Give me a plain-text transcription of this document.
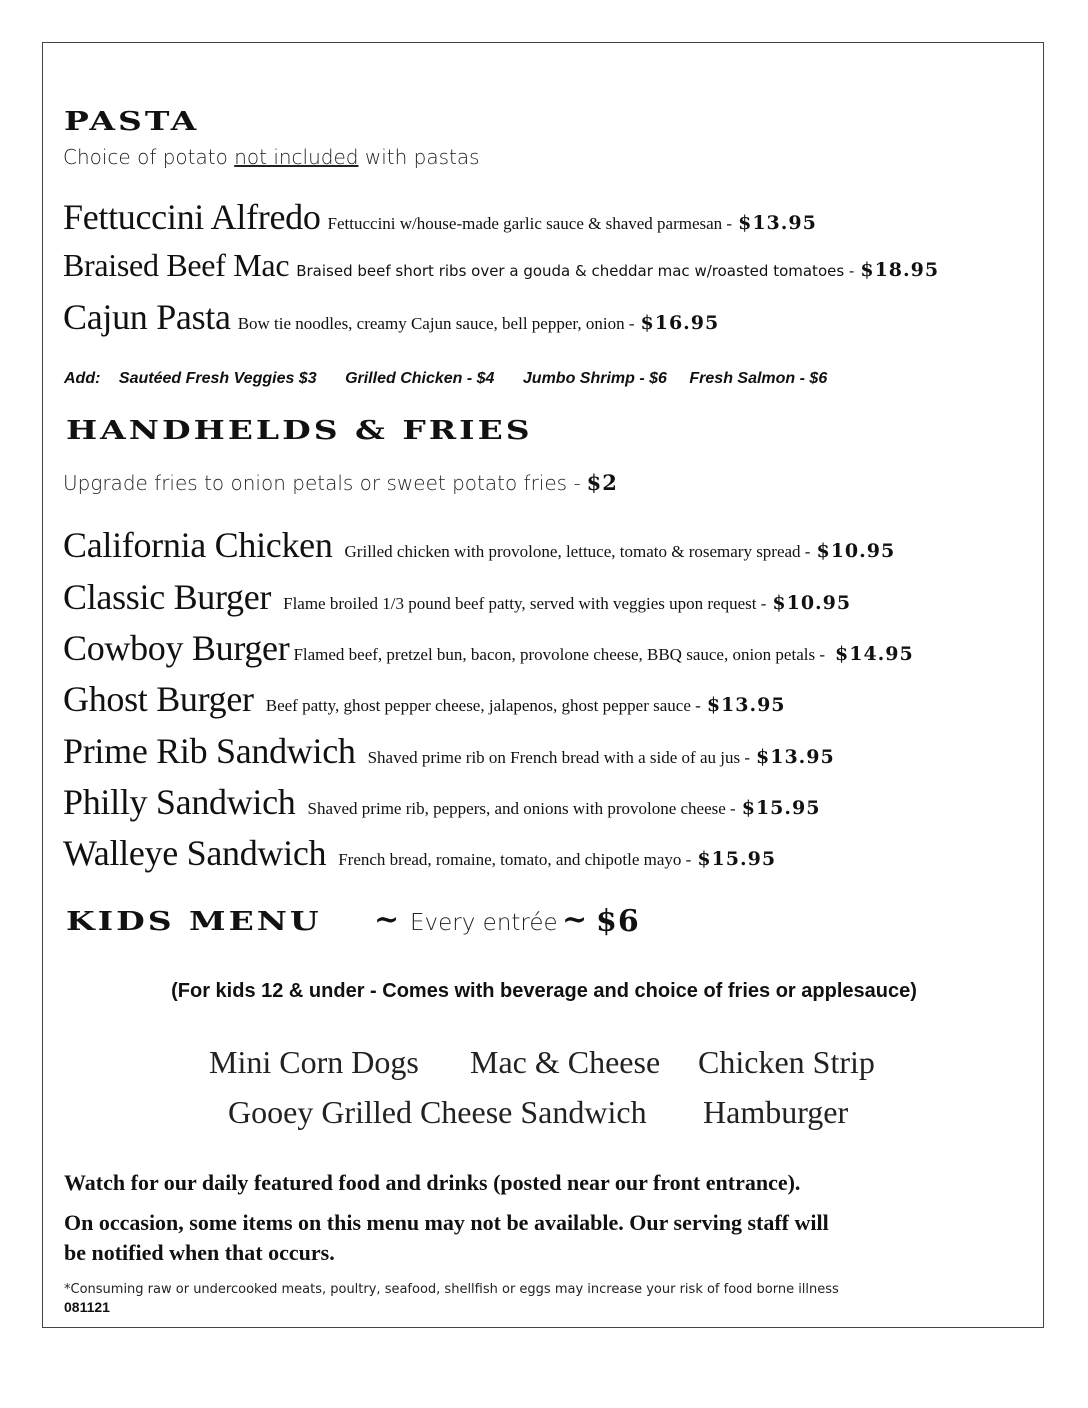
PASTA
Choice of potato not included with pastas
Fettuccini Alfredo Fettuccini w/house-made garlic sauce & shaved parmesan - $13.95
Braised Beef Mac Braised beef short ribs over a gouda & cheddar mac w/roasted tomatoes - $18.95
Cajun Pasta Bow tie noodles, creamy Cajun sauce, bell pepper, onion - $16.95
Add: Sautéed Fresh Veggies $3 Grilled Chicken - $4 Jumbo Shrimp - $6 Fresh Salmon - $6
HANDHELDS & FRIES
Upgrade fries to onion petals or sweet potato fries - $2
California Chicken Grilled chicken with provolone, lettuce, tomato & rosemary spread - $10.95
Classic Burger Flame broiled 1/3 pound beef patty, served with veggies upon request - $10.95
Cowboy Burger Flamed beef, pretzel bun, bacon, provolone cheese, BBQ sauce, onion petals - $14.95
Ghost Burger Beef patty, ghost pepper cheese, jalapenos, ghost pepper sauce - $13.95
Prime Rib Sandwich Shaved prime rib on French bread with a side of au jus - $13.95
Philly Sandwich Shaved prime rib, peppers, and onions with provolone cheese - $15.95
Walleye Sandwich French bread, romaine, tomato, and chipotle mayo - $15.95
KIDS MENU ~ Every entrée ~ $6
(For kids 12 & under - Comes with beverage and choice of fries or applesauce)
Mini Corn Dogs Mac & Cheese Chicken Strip
Gooey Grilled Cheese Sandwich Hamburger
Watch for our daily featured food and drinks (posted near our front entrance).
On occasion, some items on this menu may not be available. Our serving staff will
be notified when that occurs.
*Consuming raw or undercooked meats, poultry, seafood, shellfish or eggs may increase your risk of food borne illness
081121
